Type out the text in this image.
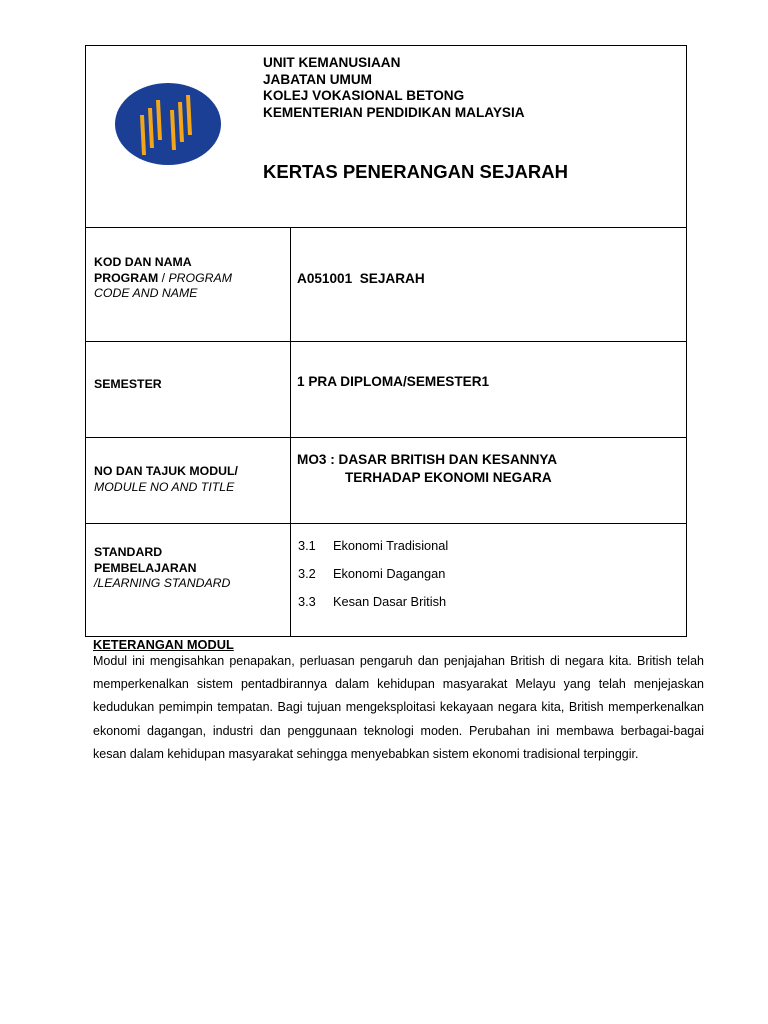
UNIT KEMANUSIAAN
JABATAN UMUM
KOLEJ VOKASIONAL BETONG
KEMENTERIAN PENDIDIKAN MALAYSIA
KERTAS PENERANGAN SEJARAH
KOD DAN NAMA
PROGRAM / PROGRAM
CODE AND NAME
A051001  SEJARAH
SEMESTER	1 PRA DIPLOMA/SEMESTER1
NO DAN TAJUK MODUL/
MODULE NO AND TITLE
MO3 : DASAR BRITISH DAN KESANNYA
TERHADAP EKONOMI NEGARA
STANDARD
PEMBELAJARAN
/LEARNING STANDARD
3.1 Ekonomi Tradisional
3.2 Ekonomi Dagangan
3.3 Kesan Dasar British
KETERANGAN MODUL

Modul ini mengisahkan penapakan, perluasan pengaruh dan penjajahan British di negara kita. British telah memperkenalkan sistem pentadbirannya dalam kehidupan masyarakat Melayu yang telah menjejaskan kedudukan pemimpin tempatan. Bagi tujuan mengeksploitasi kekayaan negara kita, British memperkenalkan ekonomi dagangan, industri dan penggunaan teknologi moden. Perubahan ini membawa berbagai-bagai kesan dalam kehidupan masyarakat sehingga menyebabkan sistem ekonomi tradisional terpinggir.
